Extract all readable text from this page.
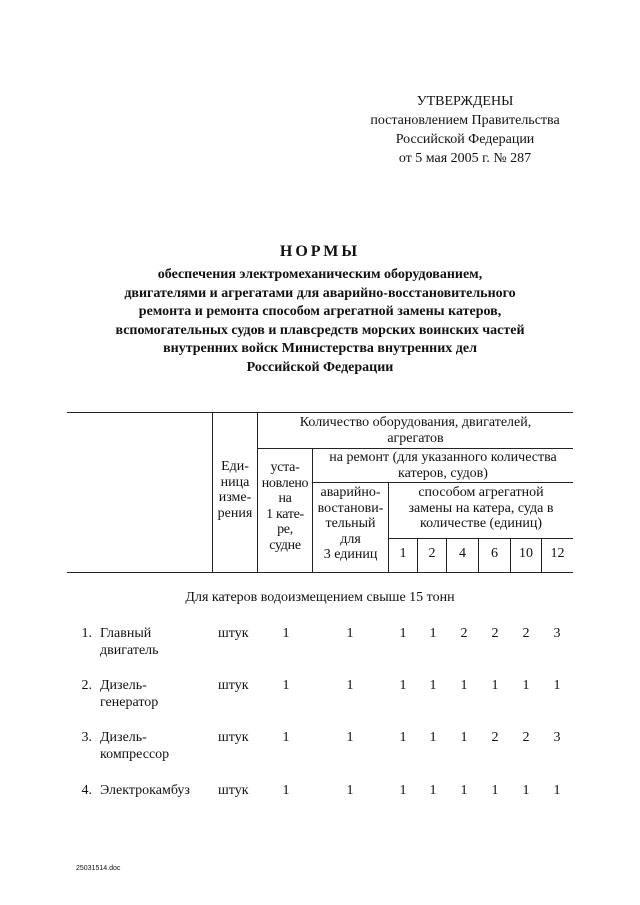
УТВЕРЖДЕНЫ
постановлением Правительства
Российской Федерации
от 5 мая 2005 г. № 287
НОРМЫ
обеспечения электромеханическим оборудованием,
двигателями и агрегатами для аварийно-восстановительного
ремонта и ремонта способом агрегатной замены катеров,
вспомогательных судов и плавсредств морских воинских частей
внутренних войск Министерства внутренних дел
Российской Федерации
Еди-
ница
изме-
рения
Количество оборудования, двигателей,
агрегатов
уста-
новлено
на
1 кате-
ре,
судне
на ремонт (для указанного количества
катеров, судов)
аварийно-
востанови-
тельный
для
3 единиц
способом агрегатной
замены на катера, суда в
количестве (единиц)
1	2	4	6	10	12
Для катеров водоизмещением свыше 15 тонн
1. Главный
двигатель
штук	1	1	1	1	2	2	2	3
2. Дизель-
генератор
штук	1	1	1	1	1	1	1	1
3. Дизель-
компрессор
штук	1	1	1	1	1	2	2	3
4. Электрокамбуз штук	1	1	1	1	1	1	1	1
25031514.doc
